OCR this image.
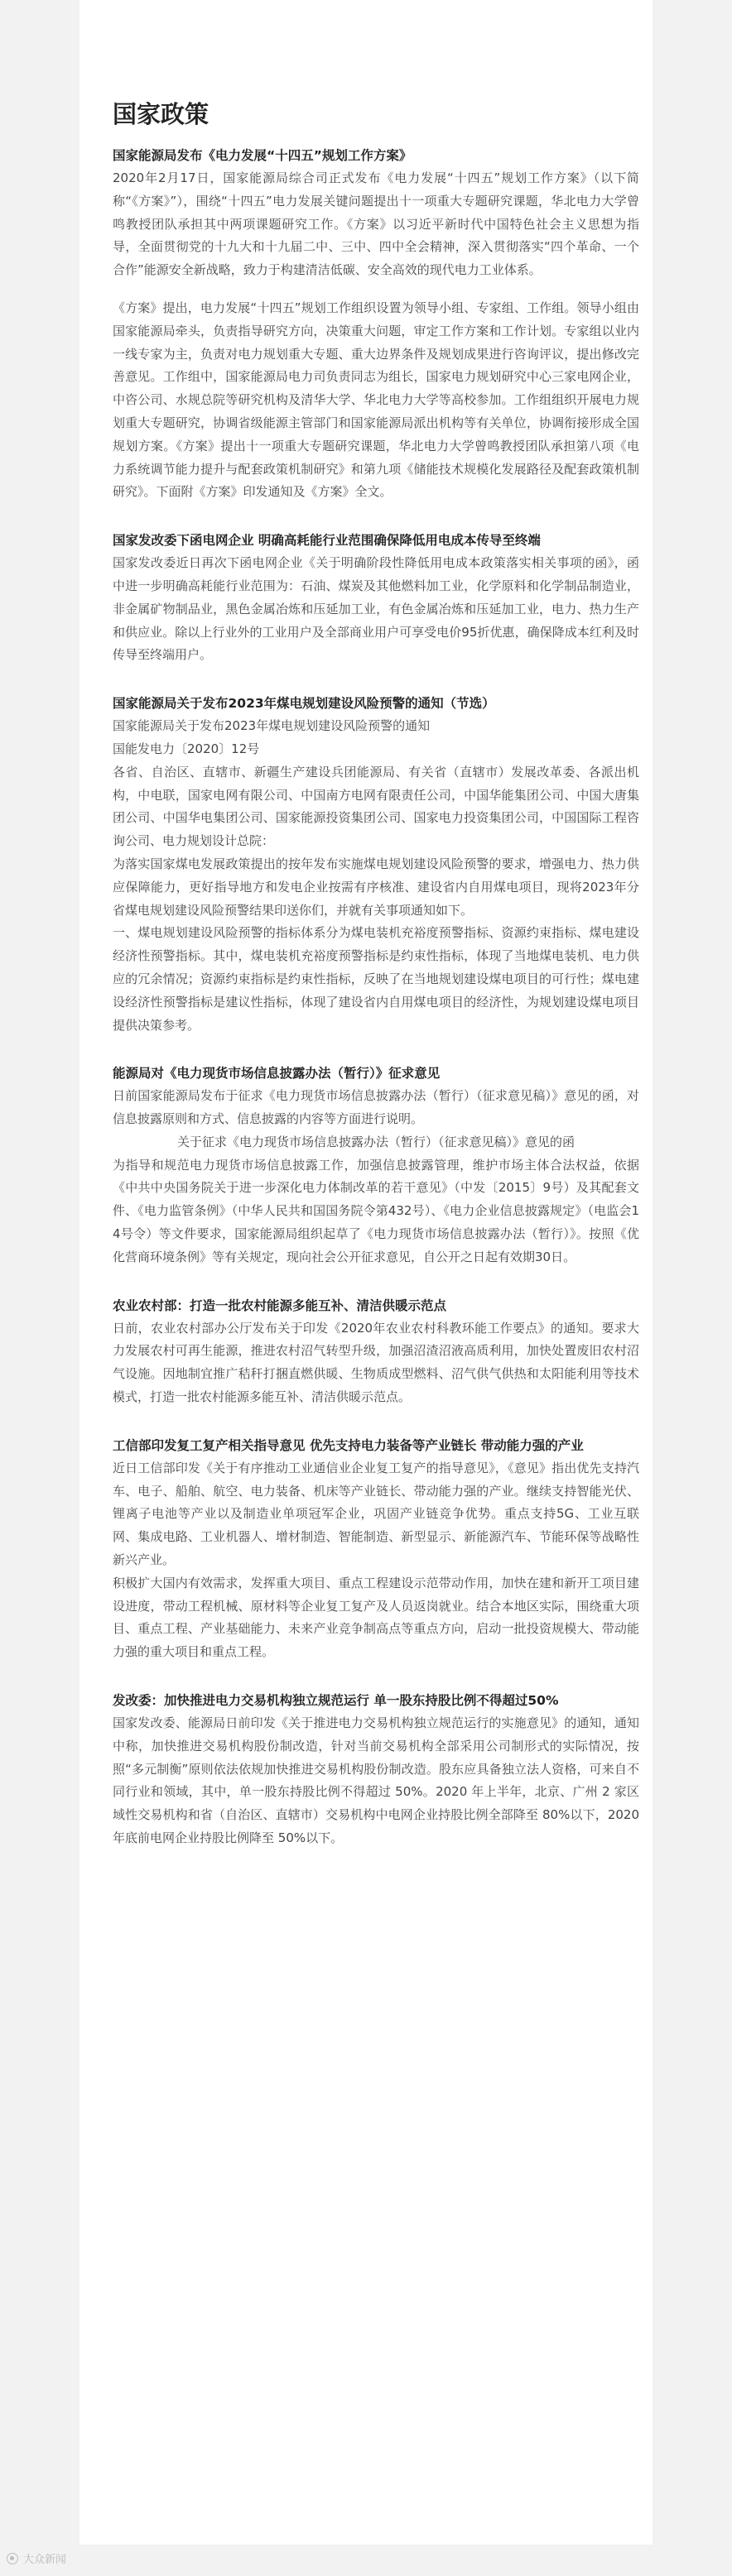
国家政策
国家能源局发布《电力发展“十四五”规划工作方案》

2020年2月17日，国家能源局综合司正式发布《电力发展“十四五”规划工作方案》（以下简称“《方案》”），围绕“十四五”电力发展关键问题提出十一项重大专题研究课题，华北电力大学曾鸣教授团队承担其中两项课题研究工作。《方案》以习近平新时代中国特色社会主义思想为指导，全面贯彻党的十九大和十九届二中、三中、四中全会精神，深入贯彻落实“四个革命、一个合作”能源安全新战略，致力于构建清洁低碳、安全高效的现代电力工业体系。

《方案》提出，电力发展“十四五”规划工作组织设置为领导小组、专家组、工作组。领导小组由国家能源局牵头，负责指导研究方向，决策重大问题，审定工作方案和工作计划。专家组以业内一线专家为主，负责对电力规划重大专题、重大边界条件及规划成果进行咨询评议，提出修改完善意见。工作组中，国家能源局电力司负责同志为组长，国家电力规划研究中心三家电网企业，中咨公司、水规总院等研究机构及清华大学、华北电力大学等高校参加。工作组组织开展电力规划重大专题研究，协调省级能源主管部门和国家能源局派出机构等有关单位，协调衔接形成全国规划方案。《方案》提出十一项重大专题研究课题，华北电力大学曾鸣教授团队承担第八项《电力系统调节能力提升与配套政策机制研究》和第九项《储能技术规模化发展路径及配套政策机制研究》。下面附《方案》印发通知及《方案》全文。

国家发改委下函电网企业 明确高耗能行业范围确保降低用电成本传导至终端

国家发改委近日再次下函电网企业《关于明确阶段性降低用电成本政策落实相关事项的函》，函中进一步明确高耗能行业范围为：石油、煤炭及其他燃料加工业，化学原料和化学制品制造业，非金属矿物制品业，黑色金属冶炼和压延加工业，有色金属冶炼和压延加工业，电力、热力生产和供应业。除以上行业外的工业用户及全部商业用户可享受电价95折优惠，确保降成本红利及时传导至终端用户。

国家能源局关于发布2023年煤电规划建设风险预警的通知（节选）

国家能源局关于发布2023年煤电规划建设风险预警的通知

国能发电力〔2020〕12号

各省、自治区、直辖市、新疆生产建设兵团能源局、有关省（直辖市）发展改革委、各派出机构，中电联，国家电网有限公司、中国南方电网有限责任公司，中国华能集团公司、中国大唐集团公司、中国华电集团公司、国家能源投资集团公司、国家电力投资集团公司，中国国际工程咨询公司、电力规划设计总院：

为落实国家煤电发展政策提出的按年发布实施煤电规划建设风险预警的要求，增强电力、热力供应保障能力，更好指导地方和发电企业按需有序核准、建设省内自用煤电项目，现将2023年分省煤电规划建设风险预警结果印送你们，并就有关事项通知如下。

一、煤电规划建设风险预警的指标体系分为煤电装机充裕度预警指标、资源约束指标、煤电建设经济性预警指标。其中，煤电装机充裕度预警指标是约束性指标，体现了当地煤电装机、电力供应的冗余情况；资源约束指标是约束性指标，反映了在当地规划建设煤电项目的可行性；煤电建设经济性预警指标是建议性指标，体现了建设省内自用煤电项目的经济性，为规划建设煤电项目提供决策参考。

能源局对《电力现货市场信息披露办法（暂行）》征求意见

日前国家能源局发布于征求《电力现货市场信息披露办法（暂行）（征求意见稿）》意见的函，对信息披露原则和方式、信息披露的内容等方面进行说明。

关于征求《电力现货市场信息披露办法（暂行）（征求意见稿）》意见的函

为指导和规范电力现货市场信息披露工作，加强信息披露管理，维护市场主体合法权益，依据《中共中央国务院关于进一步深化电力体制改革的若干意见》（中发〔2015〕9号）及其配套文件、《电力监管条例》（中华人民共和国国务院令第432号）、《电力企业信息披露规定》（电监会14号令）等文件要求，国家能源局组织起草了《电力现货市场信息披露办法（暂行）》。按照《优化营商环境条例》等有关规定，现向社会公开征求意见，自公开之日起有效期30日。

农业农村部：打造一批农村能源多能互补、清洁供暖示范点

日前，农业农村部办公厅发布关于印发《2020年农业农村科教环能工作要点》的通知。要求大力发展农村可再生能源，推进农村沼气转型升级，加强沼渣沼液高质利用，加快处置废旧农村沼气设施。因地制宜推广秸秆打捆直燃供暖、生物质成型燃料、沼气供气供热和太阳能利用等技术模式，打造一批农村能源多能互补、清洁供暖示范点。

工信部印发复工复产相关指导意见 优先支持电力装备等产业链长 带动能力强的产业

近日工信部印发《关于有序推动工业通信业企业复工复产的指导意见》，《意见》指出优先支持汽车、电子、船舶、航空、电力装备、机床等产业链长、带动能力强的产业。继续支持智能光伏、锂离子电池等产业以及制造业单项冠军企业，巩固产业链竞争优势。重点支持5G、工业互联网、集成电路、工业机器人、增材制造、智能制造、新型显示、新能源汽车、节能环保等战略性新兴产业。

积极扩大国内有效需求，发挥重大项目、重点工程建设示范带动作用，加快在建和新开工项目建设进度，带动工程机械、原材料等企业复工复产及人员返岗就业。结合本地区实际，围绕重大项目、重点工程、产业基础能力、未来产业竞争制高点等重点方向，启动一批投资规模大、带动能力强的重大项目和重点工程。

发改委：加快推进电力交易机构独立规范运行 单一股东持股比例不得超过50%

国家发改委、能源局日前印发《关于推进电力交易机构独立规范运行的实施意见》的通知，通知中称，加快推进交易机构股份制改造，针对当前交易机构全部采用公司制形式的实际情况，按照“多元制衡”原则依法依规加快推进交易机构股份制改造。股东应具备独立法人资格，可来自不同行业和领域，其中，单一股东持股比例不得超过 50%。2020 年上半年，北京、广州 2 家区域性交易机构和省（自治区、直辖市）交易机构中电网企业持股比例全部降至 80%以下，2020年底前电网企业持股比例降至 50%以下。

大众新闻
